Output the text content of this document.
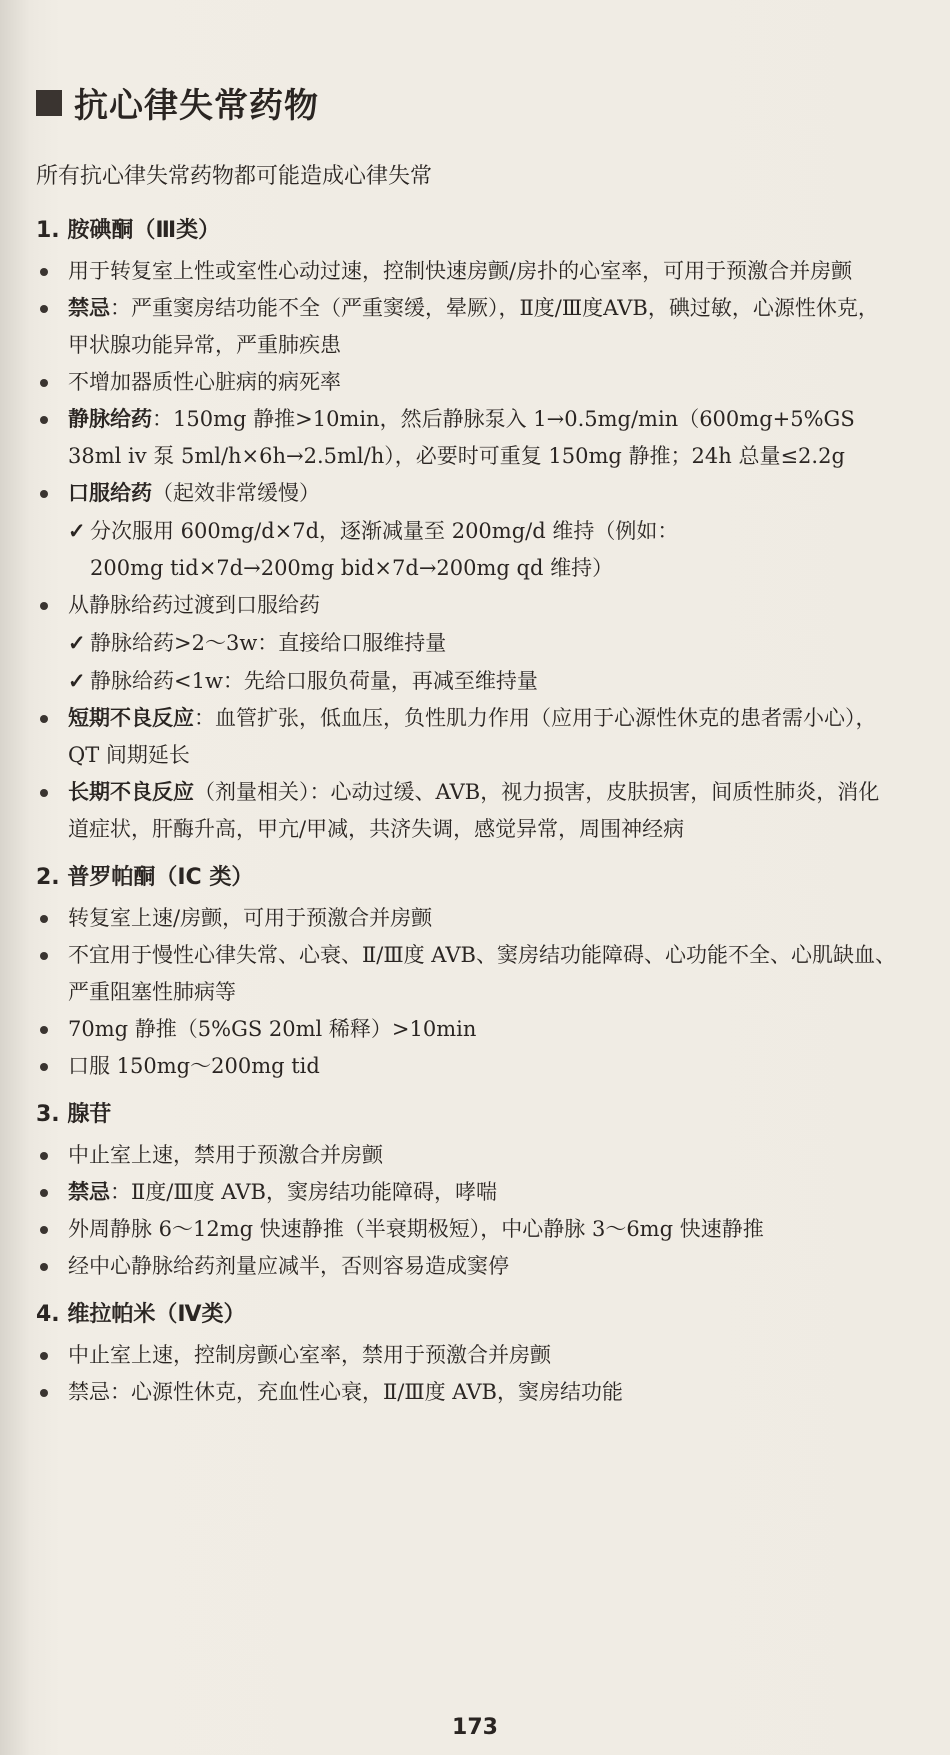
抗心律失常药物

所有抗心律失常药物都可能造成心律失常

1. 胺碘酮（Ⅲ类）
用于转复室上性或室性心动过速，控制快速房颤/房扑的心室率，可用于预激合并房颤
禁忌：严重窦房结功能不全（严重窦缓，晕厥），Ⅱ度/Ⅲ度AVB，碘过敏，心源性休克，甲状腺功能异常，严重肺疾患
不增加器质性心脏病的病死率
静脉给药：150mg 静推>10min，然后静脉泵入 1→0.5mg/min（600mg+5%GS 38ml iv 泵 5ml/h×6h→2.5ml/h），必要时可重复 150mg 静推；24h 总量≤2.2g
口服给药（起效非常缓慢）
✓ 分次服用 600mg/d×7d，逐渐减量至 200mg/d 维持（例如：
200mg tid×7d→200mg bid×7d→200mg qd 维持）
从静脉给药过渡到口服给药
✓ 静脉给药>2～3w：直接给口服维持量
✓ 静脉给药<1w：先给口服负荷量，再减至维持量
短期不良反应：血管扩张，低血压，负性肌力作用（应用于心源性休克的患者需小心），QT 间期延长
长期不良反应（剂量相关）：心动过缓、AVB，视力损害，皮肤损害，间质性肺炎，消化道症状，肝酶升高，甲亢/甲减，共济失调，感觉异常，周围神经病
2. 普罗帕酮（IC 类）
转复室上速/房颤，可用于预激合并房颤
不宜用于慢性心律失常、心衰、Ⅱ/Ⅲ度 AVB、窦房结功能障碍、心功能不全、心肌缺血、严重阻塞性肺病等
70mg 静推（5%GS 20ml 稀释）>10min
口服 150mg～200mg tid
3. 腺苷
中止室上速，禁用于预激合并房颤
禁忌：Ⅱ度/Ⅲ度 AVB，窦房结功能障碍，哮喘
外周静脉 6～12mg 快速静推（半衰期极短），中心静脉 3～6mg 快速静推
经中心静脉给药剂量应减半，否则容易造成窦停
4. 维拉帕米（Ⅳ类）
中止室上速，控制房颤心室率，禁用于预激合并房颤
禁忌：心源性休克，充血性心衰，Ⅱ/Ⅲ度 AVB，窦房结功能
173
